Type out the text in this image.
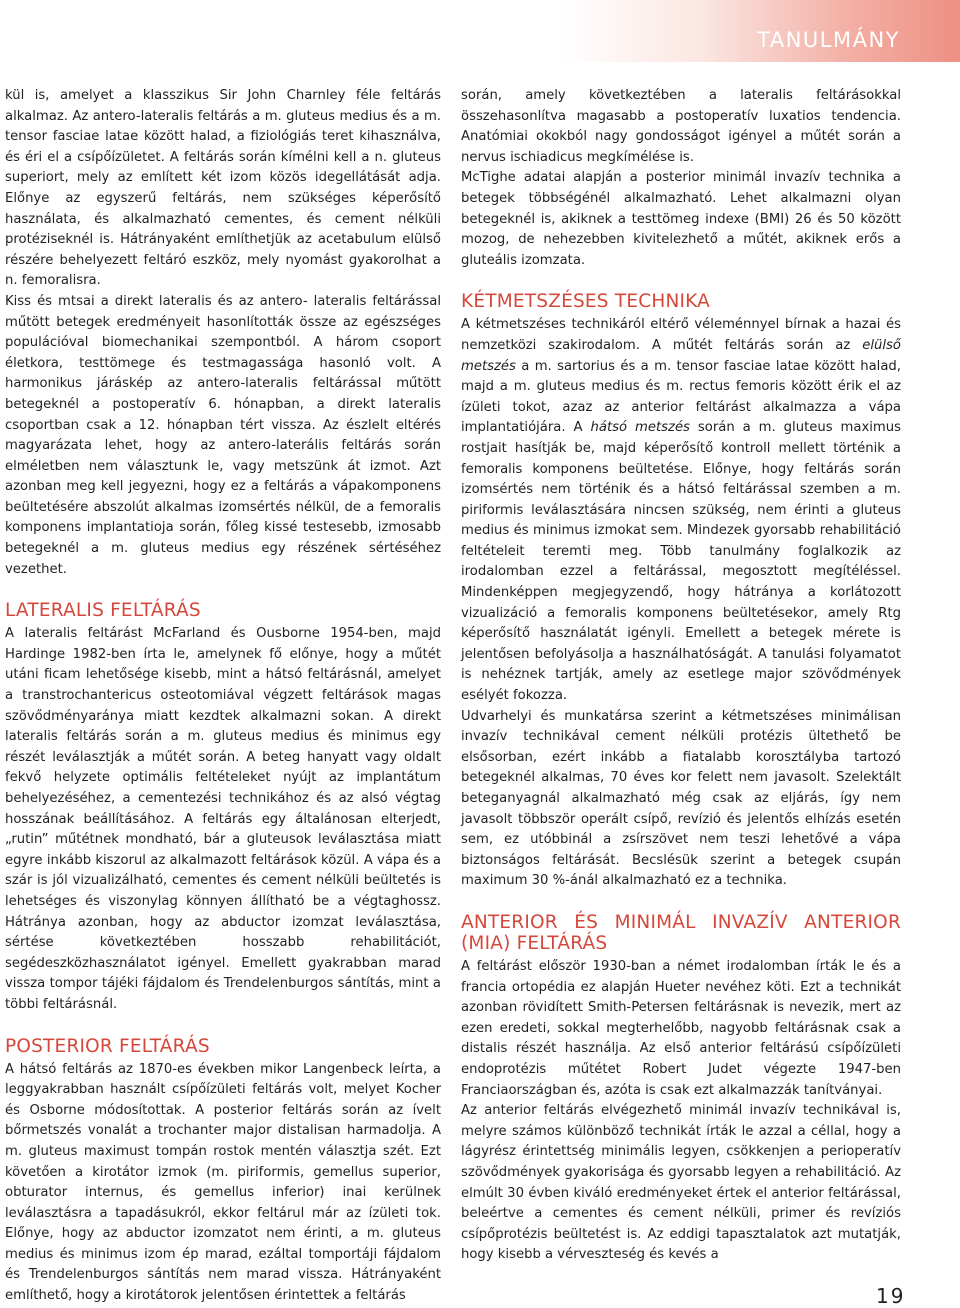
TANULMÁNY

kül is, amelyet a klasszikus Sir John Charnley féle feltárás alkalmaz. Az antero-lateralis feltárás a m. gluteus medius és a m. tensor fasciae latae között halad, a fiziológiás teret kihasználva, és éri el a csípőízületet. A feltárás során kímélni kell a n. gluteus superiort, mely az említett két izom közös idegellátását adja. Előnye az egyszerű feltárás, nem szükséges képerősítő használata, és alkalmazható cementes, és cement nélküli protéziseknél is. Hátrányaként említhetjük az acetabulum elülső részére behelyezett feltáró eszköz, mely nyomást gyakorolhat a n. femoralisra.

Kiss és mtsai a direkt lateralis és az antero- lateralis feltárással műtött betegek eredményeit hasonlították össze az egészséges populációval biomechanikai szempontból. A három csoport életkora, testtömege és testmagassága hasonló volt. A harmonikus járáskép az antero-lateralis feltárással műtött betegeknél a postoperatív 6. hónapban, a direkt lateralis csoportban csak a 12. hónapban tért vissza. Az észlelt eltérés magyarázata lehet, hogy az antero-laterális feltárás során elméletben nem választunk le, vagy metszünk át izmot. Azt azonban meg kell jegyezni, hogy ez a feltárás a vápakomponens beültetésére abszolút alkalmas izomsértés nélkül, de a femoralis komponens implantatioja során, főleg kissé testesebb, izmosabb betegeknél a m. gluteus medius egy részének sértéséhez vezethet.

LATERALIS FELTÁRÁS

A lateralis feltárást McFarland és Ousborne 1954-ben, majd Hardinge 1982-ben írta le, amelynek fő előnye, hogy a műtét utáni ficam lehetősége kisebb, mint a hátsó feltárásnál, amelyet a transtrochantericus osteotomiával végzett feltárások magas szövődményaránya miatt kezdtek alkalmazni sokan. A direkt lateralis feltárás során a m. gluteus medius és minimus egy részét leválasztják a műtét során. A beteg hanyatt vagy oldalt fekvő helyzete optimális feltételeket nyújt az implantátum behelyezéséhez, a cementezési technikához és az alsó végtag hosszának beállításához. A feltárás egy általánosan elterjedt, „rutin” műtétnek mondható, bár a gluteusok leválasztása miatt egyre inkább kiszorul az alkalmazott feltárások közül. A vápa és a szár is jól vizualizálható, cementes és cement nélküli beültetés is lehetséges és viszonylag könnyen állítható be a végtaghossz. Hátránya azonban, hogy az abductor izomzat leválasztása, sértése következtében hosszabb rehabilitációt, segédeszközhasználatot igényel. Emellett gyakrabban marad vissza tompor tájéki fájdalom és Trendelenburgos sántítás, mint a többi feltárásnál.

POSTERIOR FELTÁRÁS

A hátsó feltárás az 1870-es években mikor Langenbeck leírta, a leggyakrabban használt csípőízületi feltárás volt, melyet Kocher és Osborne módosítottak. A posterior feltárás során az ívelt bőrmetszés vonalát a trochanter major distalisan harmadolja. A m. gluteus maximust tompán rostok mentén választja szét. Ezt követően a kirotátor izmok (m. piriformis, gemellus superior, obturator internus, és gemellus inferior) inai kerülnek leválasztásra a tapadásukról, ekkor feltárul már az ízületi tok. Előnye, hogy az abductor izomzatot nem érinti, a m. gluteus medius és minimus izom ép marad, ezáltal tomportáji fájdalom és Trendelenburgos sántítás nem marad vissza. Hátrányaként említhető, hogy a kirotátorok jelentősen érintettek a feltárás

során, amely következtében a lateralis feltárásokkal összehasonlítva magasabb a postoperatív luxatios tendencia. Anatómiai okokból nagy gondosságot igényel a műtét során a nervus ischiadicus megkímélése is.

McTighe adatai alapján a posterior minimál invazív technika a betegek többségénél alkalmazható. Lehet alkalmazni olyan betegeknél is, akiknek a testtömeg indexe (BMI) 26 és 50 között mozog, de nehezebben kivitelezhető a műtét, akiknek erős a gluteális izomzata.

KÉTMETSZÉSES TECHNIKA

A kétmetszéses technikáról eltérő véleménnyel bírnak a hazai és nemzetközi szakirodalom. A műtét feltárás során az elülső metszés a m. sartorius és a m. tensor fasciae latae között halad, majd a m. gluteus medius és m. rectus femoris között érik el az ízületi tokot, azaz az anterior feltárást alkalmazza a vápa implantatiójára. A hátsó metszés során a m. gluteus maximus rostjait hasítják be, majd képerősítő kontroll mellett történik a femoralis komponens beültetése. Előnye, hogy feltárás során izomsértés nem történik és a hátsó feltárással szemben a m. piriformis leválasztására nincsen szükség, nem érinti a gluteus medius és minimus izmokat sem. Mindezek gyorsabb rehabilitáció feltételeit teremti meg. Több tanulmány foglalkozik az irodalomban ezzel a feltárással, megosztott megítéléssel. Mindenképpen megjegyzendő, hogy hátránya a korlátozott vizualizáció a femoralis komponens beültetésekor, amely Rtg képerősítő használatát igényli. Emellett a betegek mérete is jelentősen befolyásolja a használhatóságát. A tanulási folyamatot is nehéznek tartják, amely az esetlege major szövődmények esélyét fokozza.

Udvarhelyi és munkatársa szerint a kétmetszéses minimálisan invazív technikával cement nélküli protézis ültethető be elsősorban, ezért inkább a fiatalabb korosztályba tartozó betegeknél alkalmas, 70 éves kor felett nem javasolt. Szelektált beteganyagnál alkalmazható még csak az eljárás, így nem javasolt többször operált csípő, revízió és jelentős elhízás esetén sem, ez utóbbinál a zsírszövet nem teszi lehetővé a vápa biztonságos feltárását. Becslésük szerint a betegek csupán maximum 30 %-ánál alkalmazható ez a technika.

ANTERIOR ÉS MINIMÁL INVAZÍV ANTERIOR (MIA) FELTÁRÁS

A feltárást először 1930-ban a német irodalomban írták le és a francia ortopédia ez alapján Hueter nevéhez köti. Ezt a technikát azonban rövidített Smith-Petersen feltárásnak is nevezik, mert az ezen eredeti, sokkal megterhelőbb, nagyobb feltárásnak csak a distalis részét használja. Az első anterior feltárású csípőízületi endoprotézis műtétet Robert Judet végezte 1947-ben Franciaországban és, azóta is csak ezt alkalmazzák tanítványai.

Az anterior feltárás elvégezhető minimál invazív technikával is, melyre számos különböző technikát írták le azzal a céllal, hogy a lágyrész érintettség minimális legyen, csökkenjen a perioperatív szövődmények gyakorisága és gyorsabb legyen a rehabilitáció. Az elmúlt 30 évben kiváló eredményeket értek el anterior feltárással, beleértve a cementes és cement nélküli, primer és revíziós csípőprotézis beültetést is. Az eddigi tapasztalatok azt mutatják, hogy kisebb a vérveszteség és kevés a

19
